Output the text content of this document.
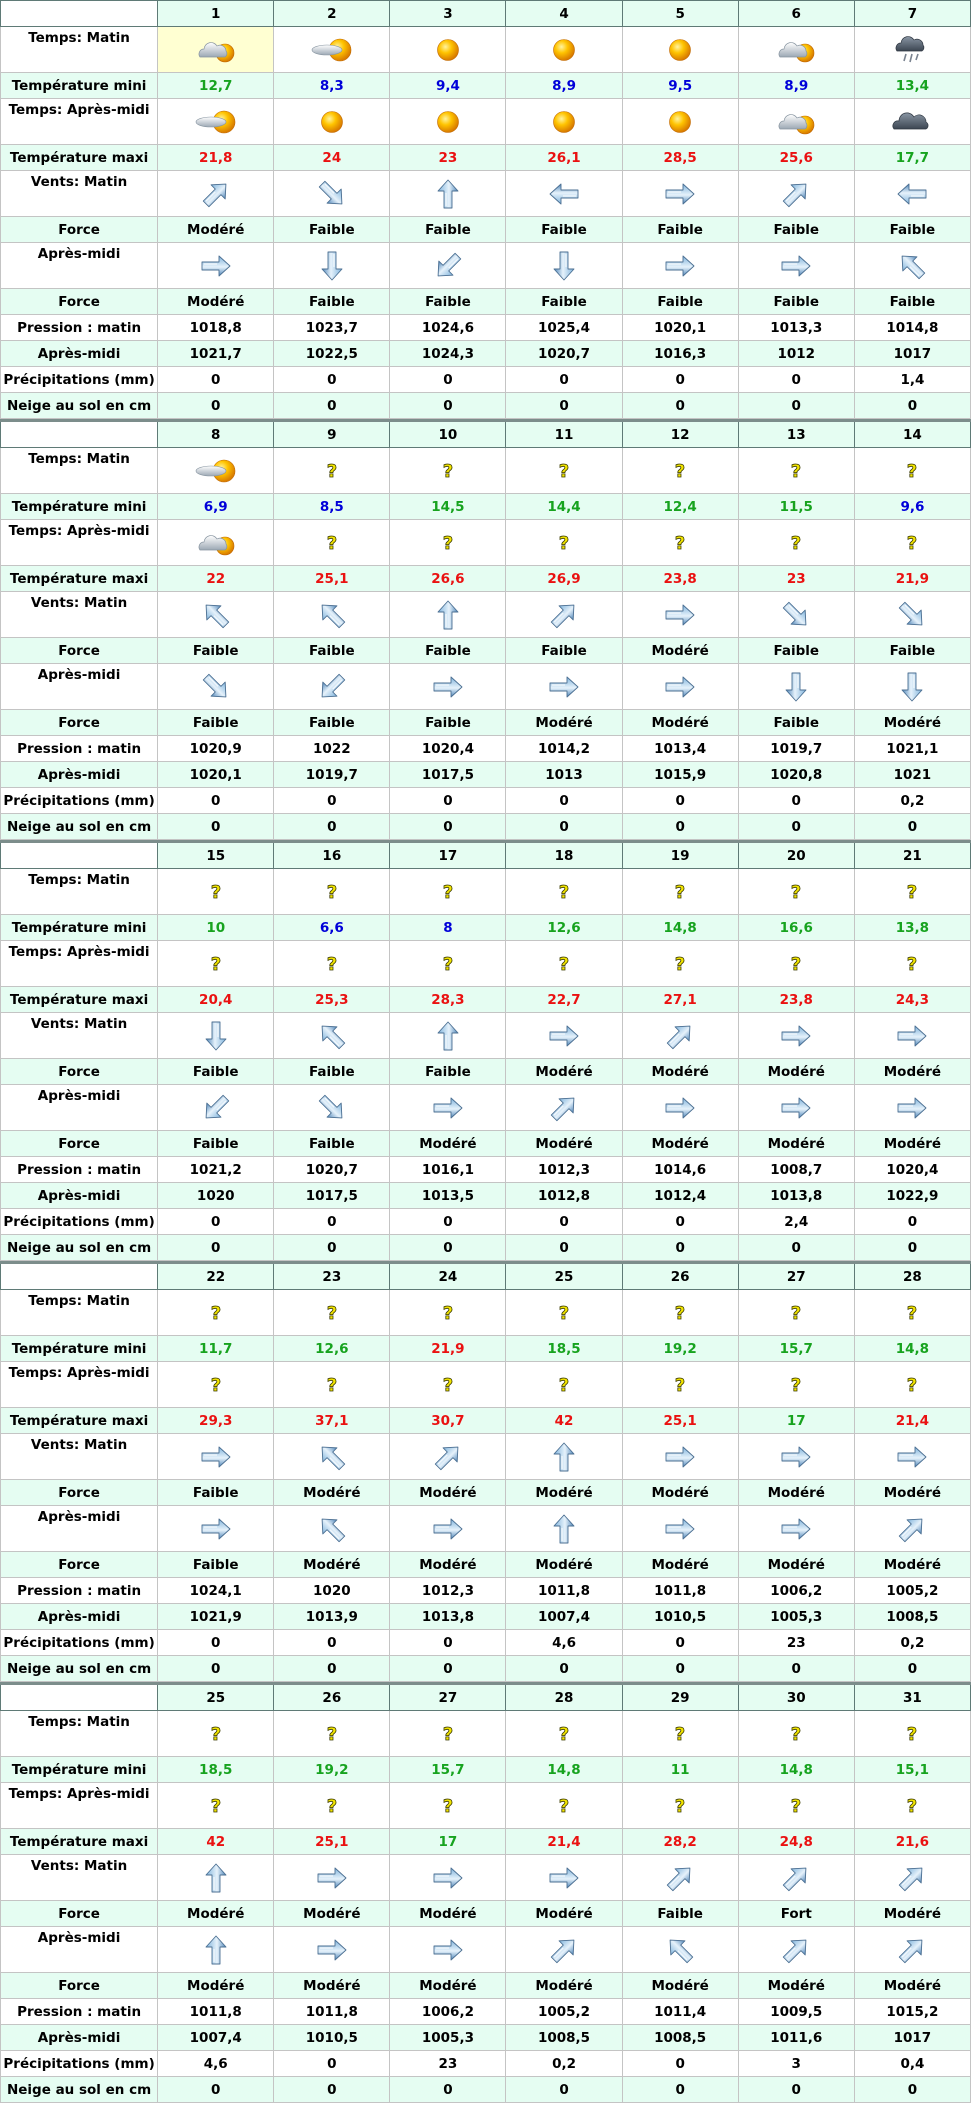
	1	2	3	4	5	6	7
Temps: Matin	

Température mini	12,7	8,3	9,4	8,9	9,5	8,9	13,4
Temps: Après-midi	

Température maxi	21,8	24	23	26,1	28,5	25,6	17,7
Vents: Matin	

Force	Modéré	Faible	Faible	Faible	Faible	Faible	Faible
Après-midi	

Force	Modéré	Faible	Faible	Faible	Faible	Faible	Faible
Pression : matin	1018,8	1023,7	1024,6	1025,4	1020,1	1013,3	1014,8
Après-midi	1021,7	1022,5	1024,3	1020,7	1016,3	1012	1017
Précipitations (mm)	0	0	0	0	0	0	1,4
Neige au sol en cm	0	0	0	0	0	0	0

	8	9	10	11	12	13	14
Temps: Matin		?	?	?	?	?	?

Température mini	6,9	8,5	14,5	14,4	12,4	11,5	9,6
Temps: Après-midi		?	?	?	?	?	?

Température maxi	22	25,1	26,6	26,9	23,8	23	21,9
Vents: Matin	

Force	Faible	Faible	Faible	Faible	Modéré	Faible	Faible
Après-midi	

Force	Faible	Faible	Faible	Modéré	Modéré	Faible	Modéré
Pression : matin	1020,9	1022	1020,4	1014,2	1013,4	1019,7	1021,1
Après-midi	1020,1	1019,7	1017,5	1013	1015,9	1020,8	1021
Précipitations (mm)	0	0	0	0	0	0	0,2
Neige au sol en cm	0	0	0	0	0	0	0

	15	16	17	18	19	20	21
Temps: Matin	?	?	?	?	?	?	?

Température mini	10	6,6	8	12,6	14,8	16,6	13,8
Temps: Après-midi	?	?	?	?	?	?	?

Température maxi	20,4	25,3	28,3	22,7	27,1	23,8	24,3
Vents: Matin	

Force	Faible	Faible	Faible	Modéré	Modéré	Modéré	Modéré
Après-midi	

Force	Faible	Faible	Modéré	Modéré	Modéré	Modéré	Modéré
Pression : matin	1021,2	1020,7	1016,1	1012,3	1014,6	1008,7	1020,4
Après-midi	1020	1017,5	1013,5	1012,8	1012,4	1013,8	1022,9
Précipitations (mm)	0	0	0	0	0	2,4	0
Neige au sol en cm	0	0	0	0	0	0	0

	22	23	24	25	26	27	28
Temps: Matin	?	?	?	?	?	?	?

Température mini	11,7	12,6	21,9	18,5	19,2	15,7	14,8
Temps: Après-midi	?	?	?	?	?	?	?

Température maxi	29,3	37,1	30,7	42	25,1	17	21,4
Vents: Matin	

Force	Faible	Modéré	Modéré	Modéré	Modéré	Modéré	Modéré
Après-midi	

Force	Faible	Modéré	Modéré	Modéré	Modéré	Modéré	Modéré
Pression : matin	1024,1	1020	1012,3	1011,8	1011,8	1006,2	1005,2
Après-midi	1021,9	1013,9	1013,8	1007,4	1010,5	1005,3	1008,5
Précipitations (mm)	0	0	0	4,6	0	23	0,2
Neige au sol en cm	0	0	0	0	0	0	0

	25	26	27	28	29	30	31
Temps: Matin	?	?	?	?	?	?	?

Température mini	18,5	19,2	15,7	14,8	11	14,8	15,1
Temps: Après-midi	?	?	?	?	?	?	?

Température maxi	42	25,1	17	21,4	28,2	24,8	21,6
Vents: Matin	

Force	Modéré	Modéré	Modéré	Modéré	Faible	Fort	Modéré
Après-midi	

Force	Modéré	Modéré	Modéré	Modéré	Modéré	Modéré	Modéré
Pression : matin	1011,8	1011,8	1006,2	1005,2	1011,4	1009,5	1015,2
Après-midi	1007,4	1010,5	1005,3	1008,5	1008,5	1011,6	1017
Précipitations (mm)	4,6	0	23	0,2	0	3	0,4
Neige au sol en cm	0	0	0	0	0	0	0
